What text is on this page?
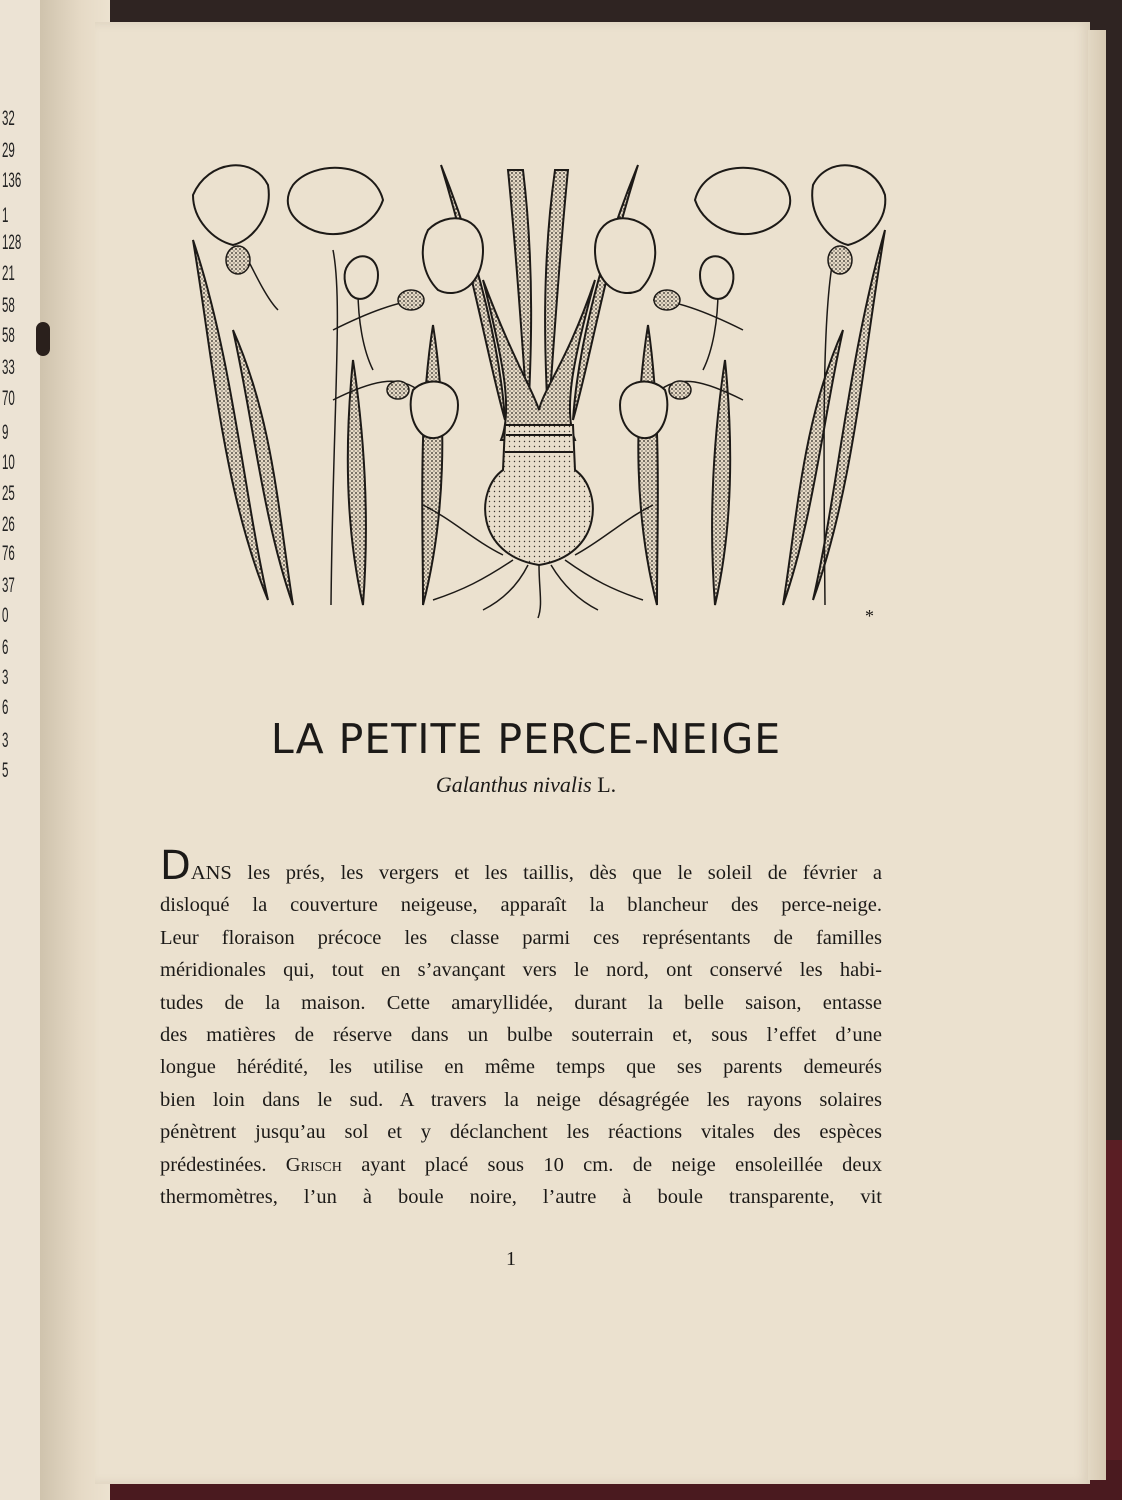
32
29
136
1
128
21
58
58
33
70
9
10
25
26
76
37
0
6
3
6
3
5
*
LA PETITE PERCE-NEIGE
Galanthus nivalis L.
DANS les prés, les vergers et les taillis, dès que le soleil de février a
disloqué la couverture neigeuse, apparaît la blancheur des perce-neige.
Leur floraison précoce les classe parmi ces représentants de familles
méridionales qui, tout en s’avançant vers le nord, ont conservé les habi-
tudes de la maison. Cette amaryllidée, durant la belle saison, entasse
des matières de réserve dans un bulbe souterrain et, sous l’effet d’une
longue hérédité, les utilise en même temps que ses parents demeurés
bien loin dans le sud. A travers la neige désagrégée les rayons solaires
pénètrent jusqu’au sol et y déclanchent les réactions vitales des espèces
prédestinées. Grisch ayant placé sous 10 cm. de neige ensoleillée deux
thermomètres, l’un à boule noire, l’autre à boule transparente, vit
1
